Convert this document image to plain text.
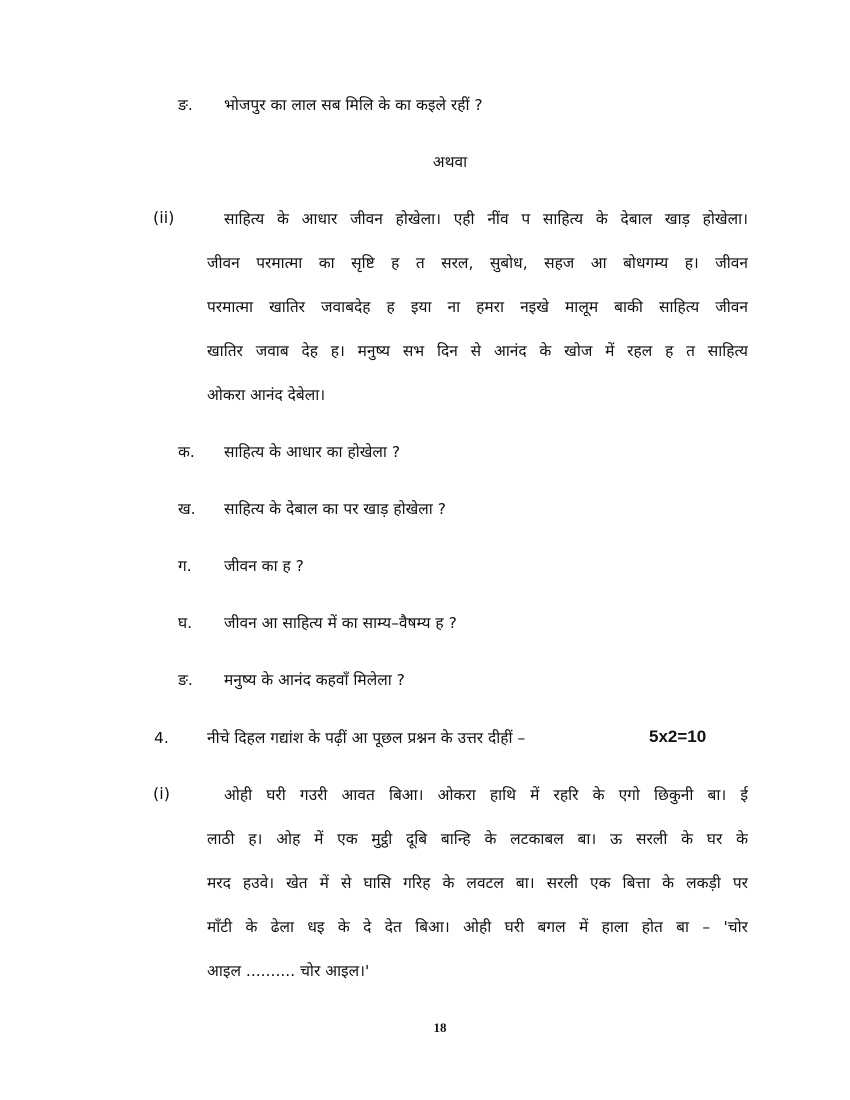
ङ. भोजपुर का लाल सब मिलि के का कइले रहीं ?
अथवा
(ii)	साहित्य के आधार जीवन होखेला। एही नींव प साहित्य के देबाल खाड़ होखेला।
जीवन परमात्मा का सृष्टि ह त सरल, सुबोध, सहज आ बोधगम्य ह। जीवन
परमात्मा खातिर जवाबदेह ह इया ना हमरा नइखे मालूम बाकी साहित्य जीवन
खातिर जवाब देह ह। मनुष्य सभ दिन से आनंद के खोज में रहल ह त साहित्य
ओकरा आनंद देबेला।
क. साहित्य के आधार का होखेला ?
ख. साहित्य के देबाल का पर खाड़ होखेला ?
ग. जीवन का ह ?
घ. जीवन आ साहित्य में का साम्य–वैषम्य ह ?
ङ. मनुष्य के आनंद कहवाँ मिलेला ?
4. नीचे दिहल गद्यांश के पढ़ीं आ पूछल प्रश्नन के उत्तर दीहीं –	5x2=10
(i)	ओही घरी गउरी आवत बिआ। ओकरा हाथि में रहरि के एगो छिकुनी बा। ई
लाठी ह। ओह में एक मुट्ठी दूबि बान्हि के लटकाबल बा। ऊ सरली के घर के
मरद हउवे। खेत में से घासि गरिह के लवटल बा। सरली एक बित्ता के लकड़ी पर
माँटी के ढेला धइ के दे देत बिआ। ओही घरी बगल में हाला होत बा – 'चोर
आइल .......... चोर आइल।'
18
